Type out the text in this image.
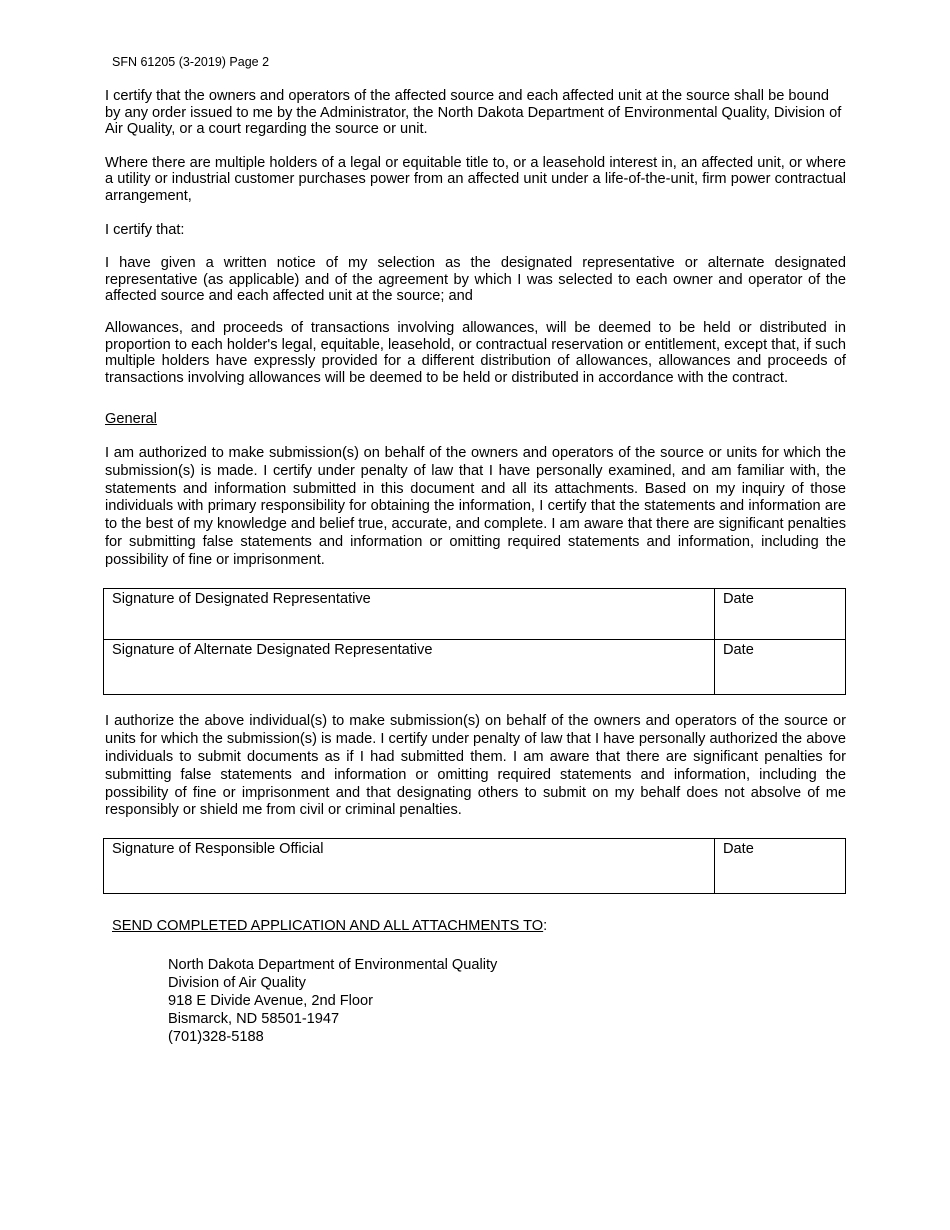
SFN 61205 (3-2019) Page 2

I certify that the owners and operators of the affected source and each affected unit at the source shall be bound by any order issued to me by the Administrator, the North Dakota Department of Environmental Quality, Division of Air Quality, or a court regarding the source or unit.

Where there are multiple holders of a legal or equitable title to, or a leasehold interest in, an affected unit, or where a utility or industrial customer purchases power from an affected unit under a life-of-the-unit, firm power contractual arrangement,

I certify that:

I have given a written notice of my selection as the designated representative or alternate designated representative (as applicable) and of the agreement by which I was selected to each owner and operator of the affected source and each affected unit at the source; and

Allowances, and proceeds of transactions involving allowances, will be deemed to be held or distributed in proportion to each holder's legal, equitable, leasehold, or contractual reservation or entitlement, except that, if such multiple holders have expressly provided for a different distribution of allowances, allowances and proceeds of transactions involving allowances will be deemed to be held or distributed in accordance with the contract.

General

I am authorized to make submission(s) on behalf of the owners and operators of the source or units for which the submission(s) is made. I certify under penalty of law that I have personally examined, and am familiar with, the statements and information submitted in this document and all its attachments. Based on my inquiry of those individuals with primary responsibility for obtaining the information, I certify that the statements and information are to the best of my knowledge and belief true, accurate, and complete. I am aware that there are significant penalties for submitting false statements and information or omitting required statements and information, including the possibility of fine or imprisonment.

Signature of Designated Representative	Date
Signature of Alternate Designated Representative	Date

I authorize the above individual(s) to make submission(s) on behalf of the owners and operators of the source or units for which the submission(s) is made. I certify under penalty of law that I have personally authorized the above individuals to submit documents as if I had submitted them. I am aware that there are significant penalties for submitting false statements and information or omitting required statements and information, including the possibility of fine or imprisonment and that designating others to submit on my behalf does not absolve of me responsibly or shield me from civil or criminal penalties.

Signature of Responsible Official	Date
SEND COMPLETED APPLICATION AND ALL ATTACHMENTS TO:
North Dakota Department of Environmental Quality
Division of Air Quality
918 E Divide Avenue, 2nd Floor
Bismarck, ND 58501-1947
(701)328-5188
